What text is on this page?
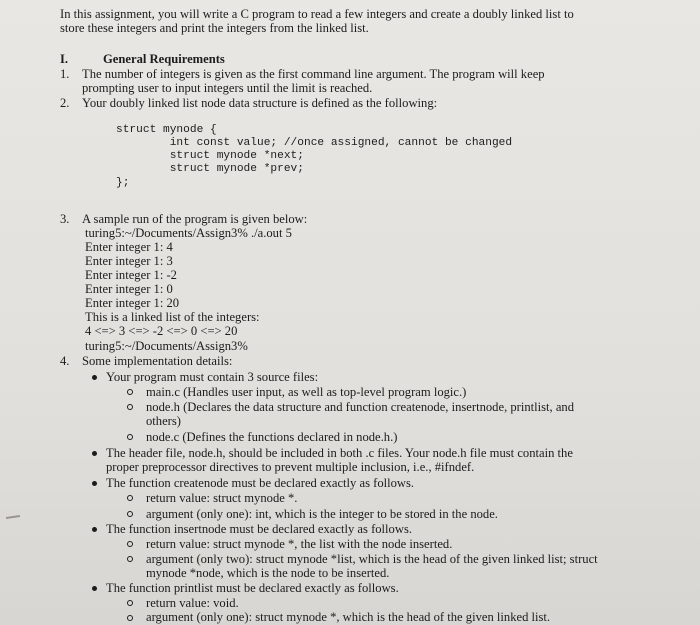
In this assignment, you will write a C program to read a few integers and create a doubly linked list to
store these integers and print the integers from the linked list.
I.	General Requirements
1. The number of integers is given as the first command line argument. The program will keep
prompting user to input integers until the limit is reached.
2. Your doubly linked list node data structure is defined as the following:
struct mynode {
int const value; //once assigned, cannot be changed
struct mynode *next;
struct mynode *prev;
};
3. A sample run of the program is given below:
turing5:~/Documents/Assign3% ./a.out 5
Enter integer 1: 4
Enter integer 1: 3
Enter integer 1: -2
Enter integer 1: 0
Enter integer 1: 20
This is a linked list of the integers:
4 <=> 3 <=> -2 <=> 0 <=> 20
turing5:~/Documents/Assign3%
4. Some implementation details:
Your program must contain 3 source files:
main.c (Handles user input, as well as top-level program logic.)
node.h (Declares the data structure and function createnode, insertnode, printlist, and
others)
node.c (Defines the functions declared in node.h.)
The header file, node.h, should be included in both .c files. Your node.h file must contain the
proper preprocessor directives to prevent multiple inclusion, i.e., #ifndef.
The function createnode must be declared exactly as follows.
return value: struct mynode *.
argument (only one): int, which is the integer to be stored in the node.
The function insertnode must be declared exactly as follows.
return value: struct mynode *, the list with the node inserted.
argument (only two): struct mynode *list, which is the head of the given linked list; struct
mynode *node, which is the node to be inserted.
The function printlist must be declared exactly as follows.
return value: void.
argument (only one): struct mynode *, which is the head of the given linked list.
